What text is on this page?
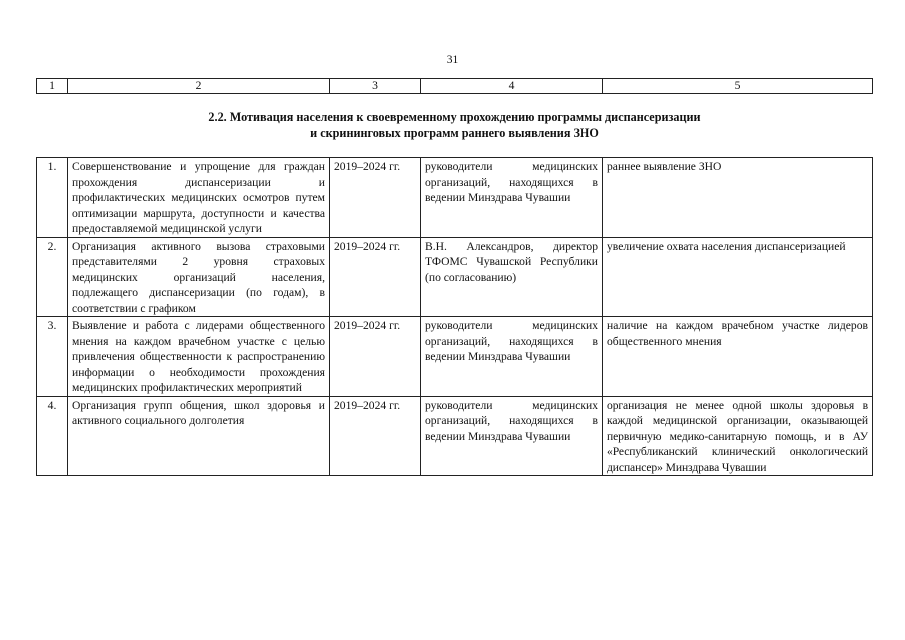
31
1	2	3	4	5
2.2. Мотивация населения к своевременному прохождению программы диспансеризации
и скрининговых программ раннего выявления ЗНО				
1.	Совершенствование и упрощение для граждан прохождения диспансеризации и профилактических медицинских осмотров путем оптимизации маршрута, доступности и качества предоставляемой медицинской услуги	2019–2024 гг.	руководители медицинских организаций, находящихся в ведении Минздрава Чувашии	раннее выявление ЗНО
2.	Организация активного вызова страховыми представителями 2 уровня страховых медицинских организаций населения, подлежащего диспансеризации (по годам), в соответствии с графиком	2019–2024 гг.	В.Н. Александров, директор ТФОМС Чувашской Республики (по согласованию)	увеличение охвата населения диспансеризацией
3.	Выявление и работа с лидерами общественного мнения на каждом врачебном участке с целью привлечения общественности к распространению информации о необходимости прохождения медицинских профилактических мероприятий	2019–2024 гг.	руководители медицинских организаций, находящихся в ведении Минздрава Чувашии	наличие на каждом врачебном участке лидеров общественного мнения
4.	Организация групп общения, школ здоровья и активного социального долголетия	2019–2024 гг.	руководители медицинских организаций, находящихся в ведении Минздрава Чувашии	организация не менее одной школы здоровья в каждой медицинской организации, оказывающей первичную медико-санитарную помощь, и в АУ «Республиканский клинический онкологический диспансер» Минздрава Чувашии
